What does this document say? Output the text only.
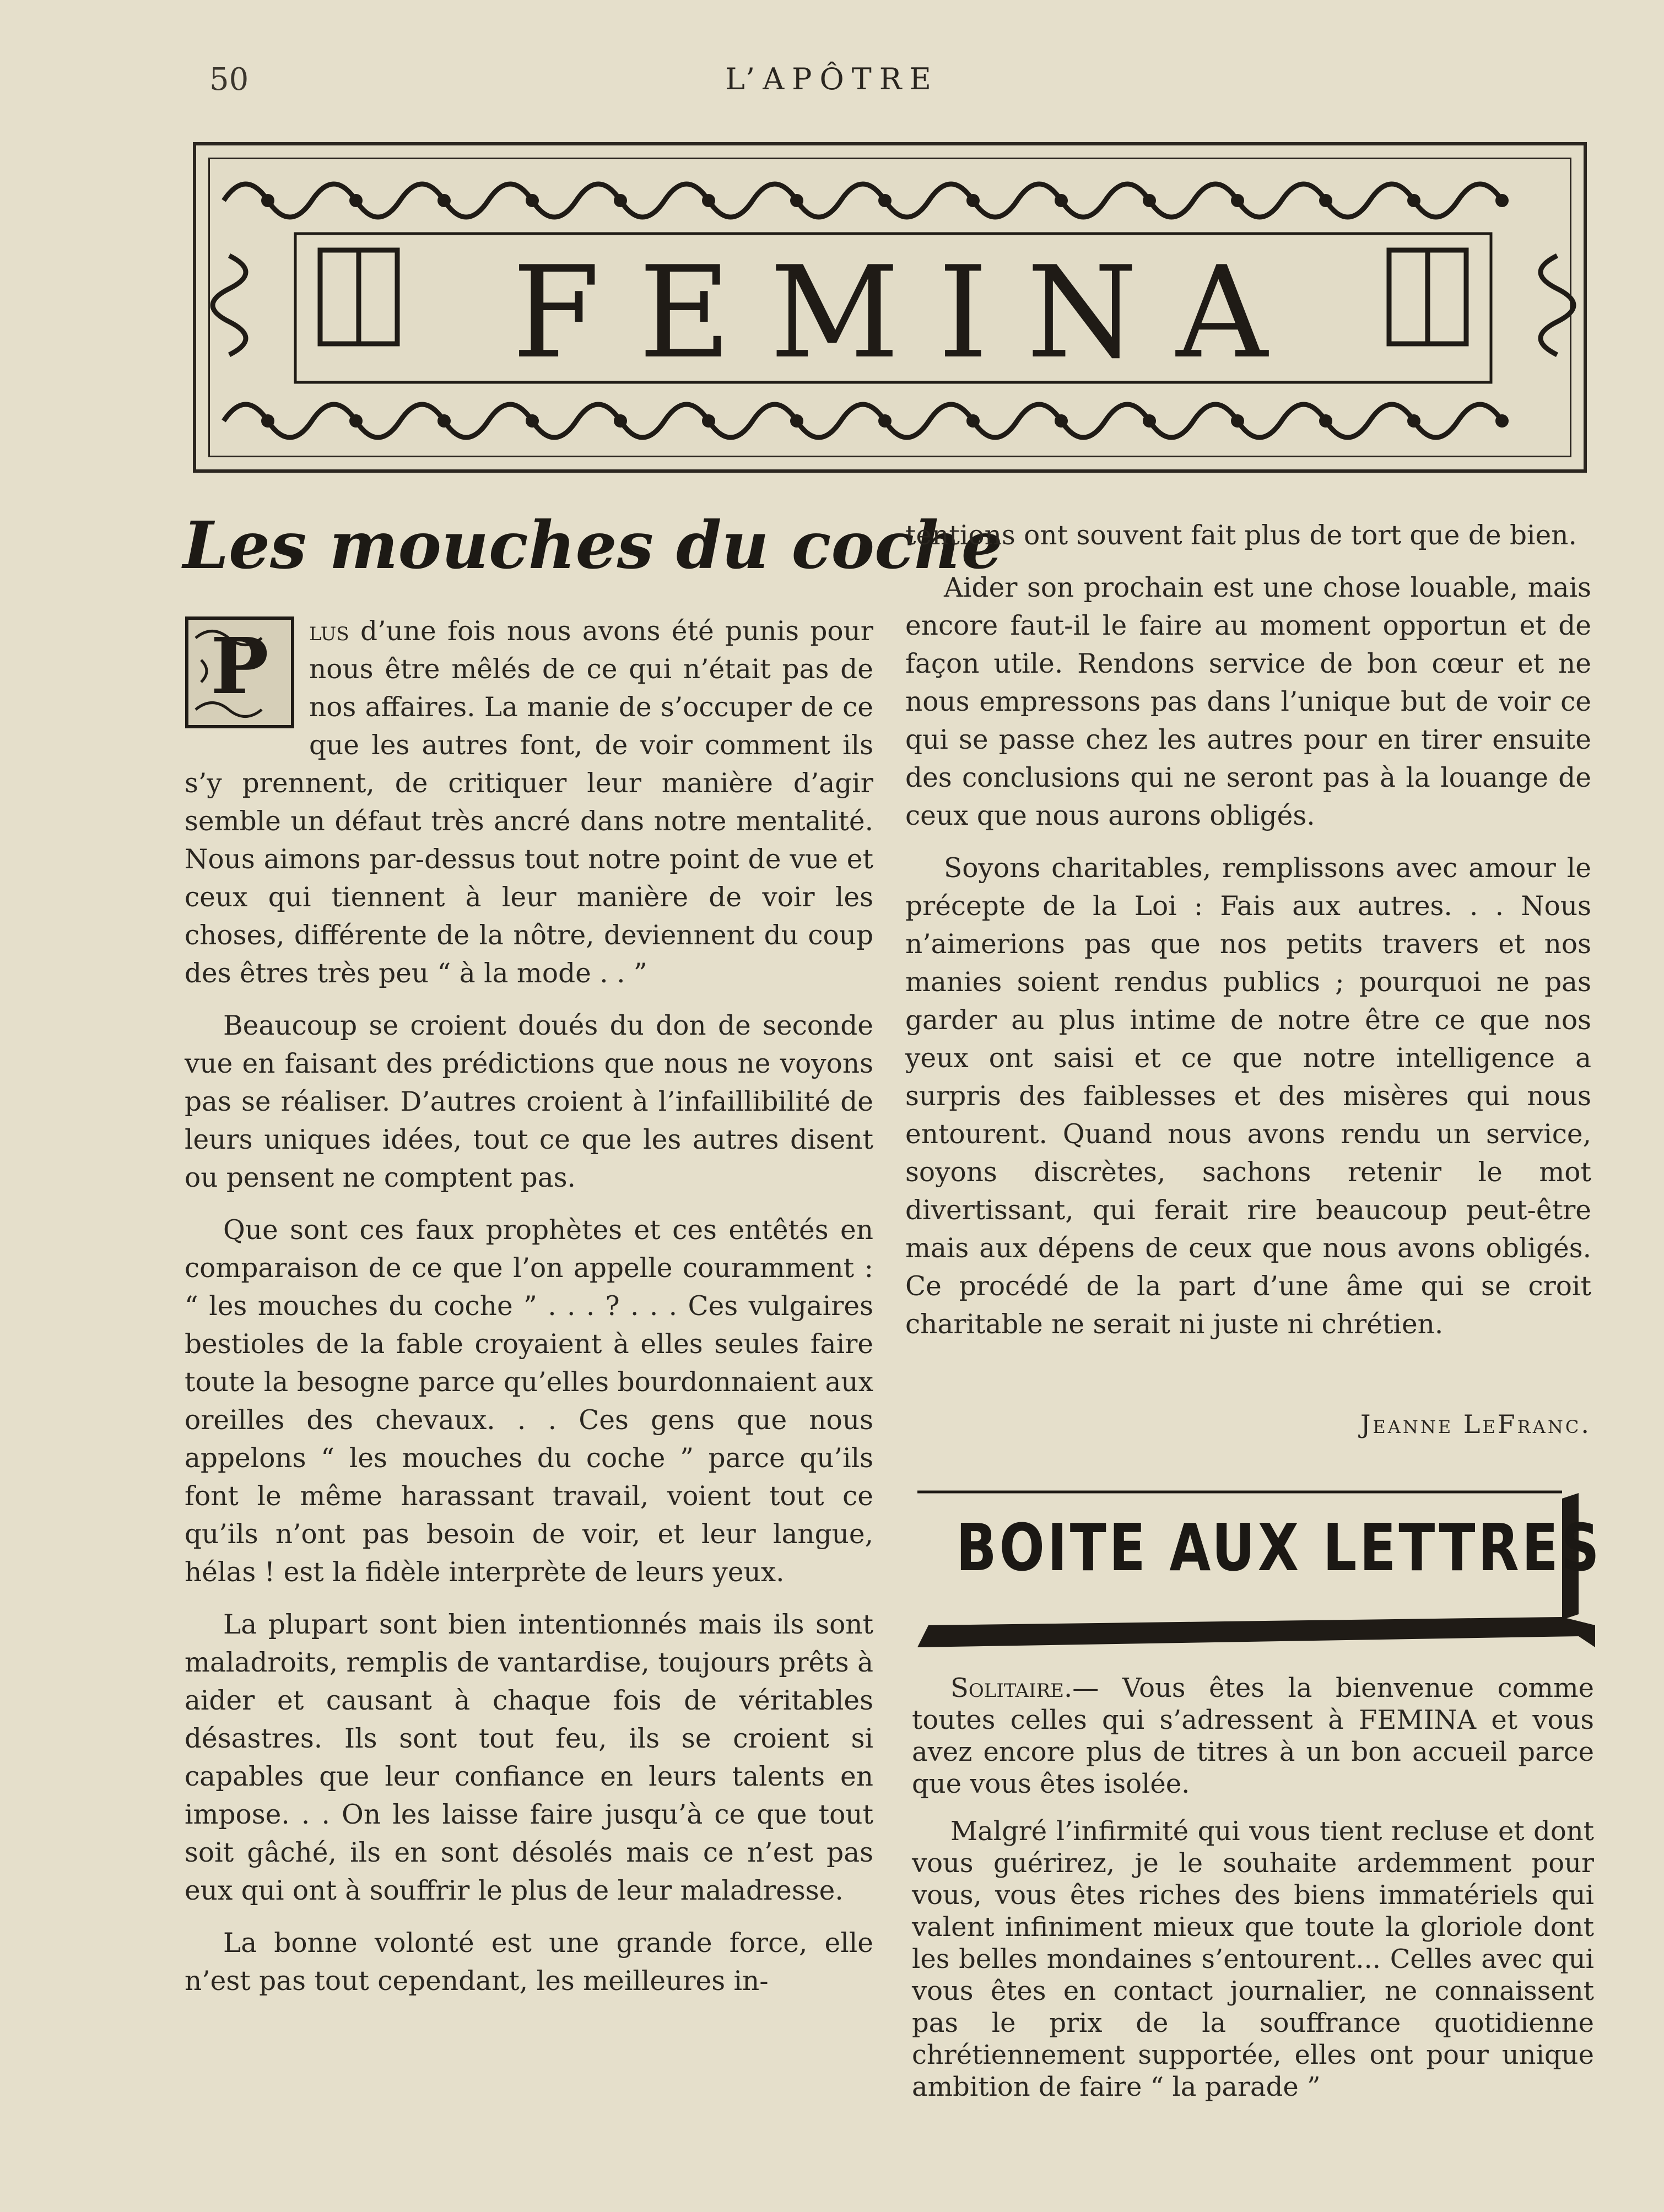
50	L’APÔTRE
FEMINA
Les mouches du coche

P lus d’une fois nous avons été punis pour nous être mêlés de ce qui n’était pas de nos affaires. La manie de s’occuper de ce que les autres font, de voir comment ils s’y prennent, de critiquer leur manière d’agir semble un défaut très ancré dans notre mentalité. Nous aimons par-dessus tout notre point de vue et ceux qui tiennent à leur manière de voir les choses, différente de la nôtre, deviennent du coup des êtres très peu “ à la mode . . ”

Beaucoup se croient doués du don de seconde vue en faisant des prédictions que nous ne voyons pas se réaliser. D’autres croient à l’infaillibilité de leurs uniques idées, tout ce que les autres disent ou pensent ne comptent pas.

Que sont ces faux prophètes et ces entêtés en comparaison de ce que l’on appelle couramment : “ les mouches du coche ” . . . ? . . . Ces vulgaires bestioles de la fable croyaient à elles seules faire toute la besogne parce qu’elles bourdonnaient aux oreilles des chevaux. . . Ces gens que nous appelons “ les mouches du coche ” parce qu’ils font le même harassant travail, voient tout ce qu’ils n’ont pas besoin de voir, et leur langue, hélas ! est la fidèle interprète de leurs yeux.

La plupart sont bien intentionnés mais ils sont maladroits, remplis de vantardise, toujours prêts à aider et causant à chaque fois de véritables désastres. Ils sont tout feu, ils se croient si capables que leur confiance en leurs talents en impose. . . On les laisse faire jusqu’à ce que tout soit gâché, ils en sont désolés mais ce n’est pas eux qui ont à souffrir le plus de leur maladresse.

La bonne volonté est une grande force, elle n’est pas tout cependant, les meilleures in-

tentions ont souvent fait plus de tort que de bien.

Aider son prochain est une chose louable, mais encore faut-il le faire au moment opportun et de façon utile. Rendons service de bon cœur et ne nous empressons pas dans l’unique but de voir ce qui se passe chez les autres pour en tirer ensuite des conclusions qui ne seront pas à la louange de ceux que nous aurons obligés.

Soyons charitables, remplissons avec amour le précepte de la Loi : Fais aux autres. . . Nous n’aimerions pas que nos petits travers et nos manies soient rendus publics ; pourquoi ne pas garder au plus intime de notre être ce que nos yeux ont saisi et ce que notre intelligence a surpris des faiblesses et des misères qui nous entourent. Quand nous avons rendu un service, soyons discrètes, sachons retenir le mot divertissant, qui ferait rire beaucoup peut-être mais aux dépens de ceux que nous avons obligés. Ce procédé de la part d’une âme qui se croit charitable ne serait ni juste ni chrétien.

Jeanne LeFranc.
BOITE AUX LETTRES

Solitaire.— Vous êtes la bienvenue comme toutes celles qui s’adressent à FEMINA et vous avez encore plus de titres à un bon accueil parce que vous êtes isolée.

Malgré l’infirmité qui vous tient recluse et dont vous guérirez, je le souhaite ardemment pour vous, vous êtes riches des biens immatériels qui valent infiniment mieux que toute la gloriole dont les belles mondaines s’entourent... Celles avec qui vous êtes en contact journalier, ne connaissent pas le prix de la souffrance quotidienne chrétiennement supportée, elles ont pour unique ambition de faire “ la parade ”
